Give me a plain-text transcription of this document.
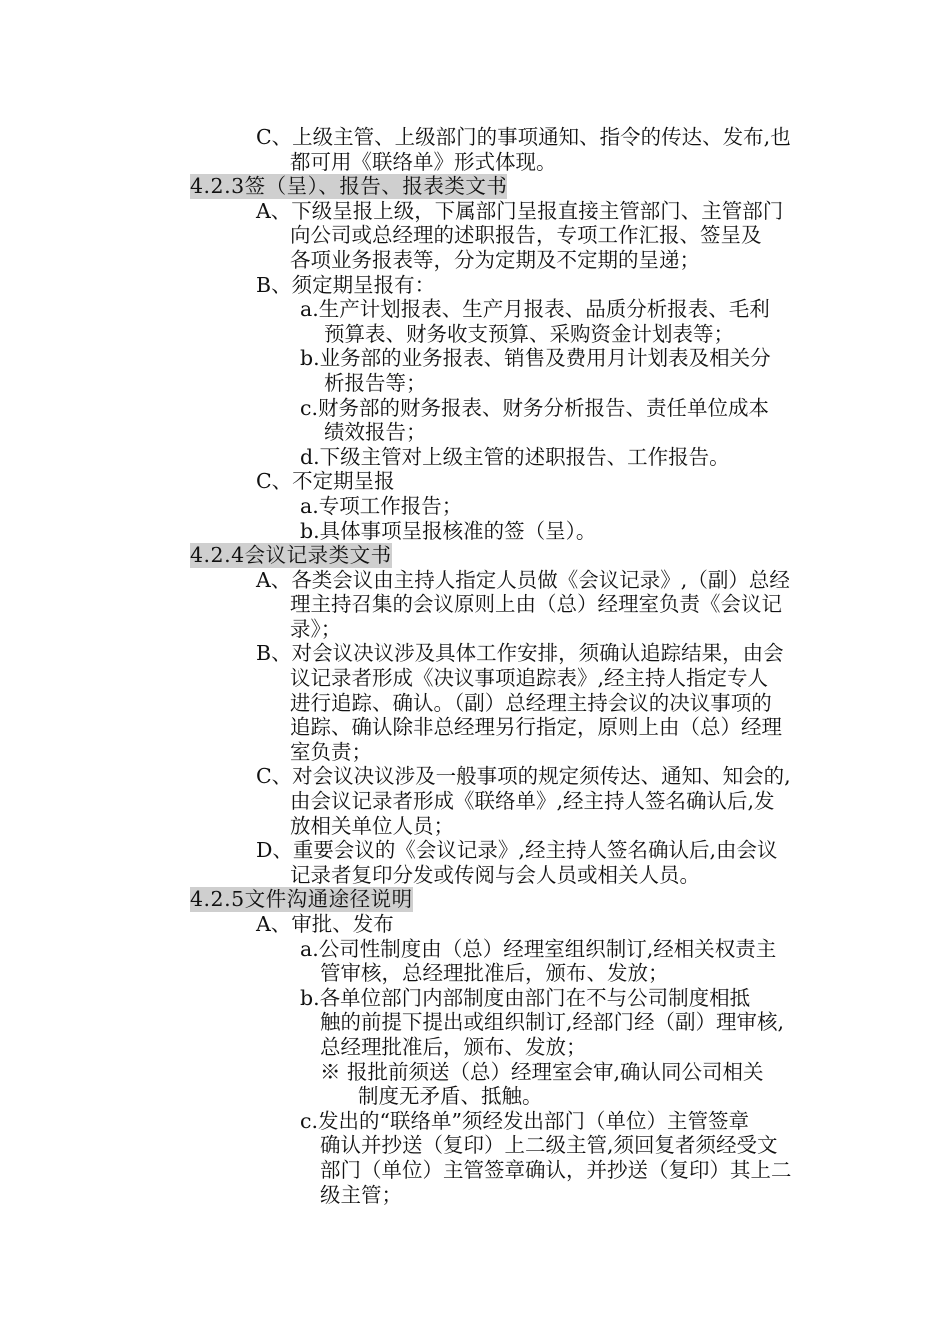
C、上级主管、上级部门的事项通知、指令的传达、发布,也
都可用《联络单》形式体现。
4.2.3签（呈）、报告、报表类文书
A、下级呈报上级，下属部门呈报直接主管部门、主管部门
向公司或总经理的述职报告，专项工作汇报、签呈及
各项业务报表等，分为定期及不定期的呈递；
B、须定期呈报有：
a.生产计划报表、生产月报表、品质分析报表、毛利
预算表、财务收支预算、采购资金计划表等；
b.业务部的业务报表、销售及费用月计划表及相关分
析报告等；
c.财务部的财务报表、财务分析报告、责任单位成本
绩效报告；
d.下级主管对上级主管的述职报告、工作报告。
C、不定期呈报
a.专项工作报告；
b.具体事项呈报核准的签（呈）。
4.2.4会议记录类文书
A、各类会议由主持人指定人员做《会议记录》,（副）总经
理主持召集的会议原则上由（总）经理室负责《会议记
录》；
B、对会议决议涉及具体工作安排，须确认追踪结果，由会
议记录者形成《决议事项追踪表》,经主持人指定专人
进行追踪、确认。（副）总经理主持会议的决议事项的
追踪、确认除非总经理另行指定，原则上由（总）经理
室负责；
C、对会议决议涉及一般事项的规定须传达、通知、知会的,
由会议记录者形成《联络单》,经主持人签名确认后,发
放相关单位人员；
D、重要会议的《会议记录》,经主持人签名确认后,由会议
记录者复印分发或传阅与会人员或相关人员。
4.2.5文件沟通途径说明
A、审批、发布
a.公司性制度由（总）经理室组织制订,经相关权责主
管审核，总经理批准后，颁布、发放；
b.各单位部门内部制度由部门在不与公司制度相抵
触的前提下提出或组织制订,经部门经（副）理审核,
总经理批准后，颁布、发放；
※ 报批前须送（总）经理室会审,确认同公司相关
制度无矛盾、抵触。
c.发出的“联络单”须经发出部门（单位）主管签章
确认并抄送（复印）上二级主管,须回复者须经受文
部门（单位）主管签章确认，并抄送（复印）其上二
级主管；
